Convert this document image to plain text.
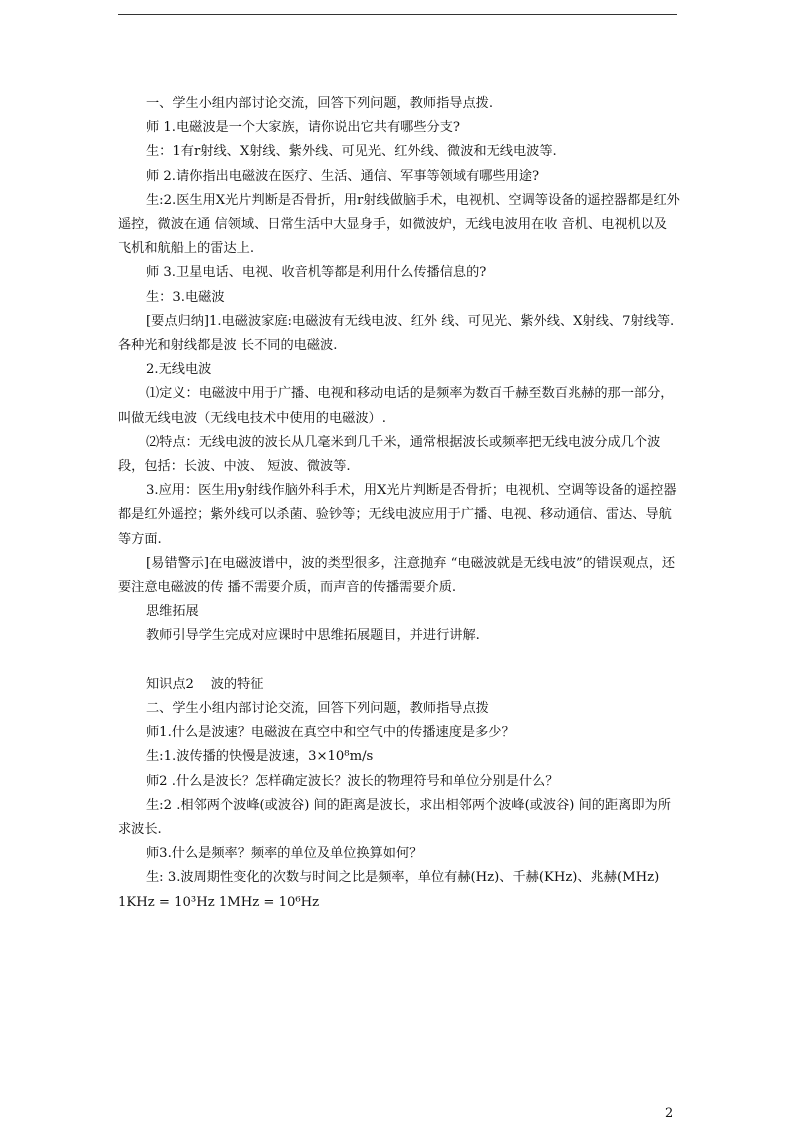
一、学生小组内部讨论交流，回答下列问题，教师指导点拨.

师 1.电磁波是一个大家族，请你说出它共有哪些分支?

生：1有r射线、X射线、紫外线、可见光、红外线、微波和无线电波等.

师 2.请你指出电磁波在医疗、生活、通信、军事等领域有哪些用途?

生:2.医生用X光片判断是否骨折，用r射线做脑手术，电视机、空调等设备的遥控器都是红外遥控，微波在通 信领域、日常生活中大显身手，如微波炉，无线电波用在收 音机、电视机以及飞机和航船上的雷达上.

师 3.卫星电话、电视、收音机等都是利用什么传播信息的?

生：3.电磁波

[要点归纳]1.电磁波家庭:电磁波有无线电波、红外 线、可见光、紫外线、X射线、7射线等.各种光和射线都是波 长不同的电磁波.

2.无线电波

⑴定义：电磁波中用于广播、电视和移动电话的是频率为数百千赫至数百兆赫的那一部分，叫做无线电波（无线电技术中使用的电磁波）.

⑵特点：无线电波的波长从几毫米到几千米，通常根据波长或频率把无线电波分成几个波段，包括：长波、中波、 短波、微波等.

3.应用：医生用y射线作脑外科手术，用X光片判断是否骨折；电视机、空调等设备的遥控器都是红外遥控；紫外线可以杀菌、验钞等；无线电波应用于广播、电视、移动通信、雷达、导航等方面.

[易错警示]在电磁波谱中，波的类型很多，注意抛弃 “电磁波就是无线电波”的错误观点，还要注意电磁波的传 播不需要介质，而声音的传播需要介质.

思维拓展

教师引导学生完成对应课时中思维拓展题目，并进行讲解.

知识点2    波的特征

二、学生小组内部讨论交流，回答下列问题，教师指导点拨

师1.什么是波速？电磁波在真空中和空气中的传播速度是多少？

生:1.波传播的快慢是波速，3×10⁸m/s

师2 .什么是波长？怎样确定波长？波长的物理符号和单位分别是什么？

生:2 .相邻两个波峰(或波谷) 间的距离是波长，求出相邻两个波峰(或波谷) 间的距离即为所求波长.

师3.什么是频率？频率的单位及单位换算如何？

生: 3.波周期性变化的次数与时间之比是频率，单位有赫(Hz)、千赫(KHz)、兆赫(MHz)

1KHz = 10³Hz 1MHz = 10⁶Hz

2
